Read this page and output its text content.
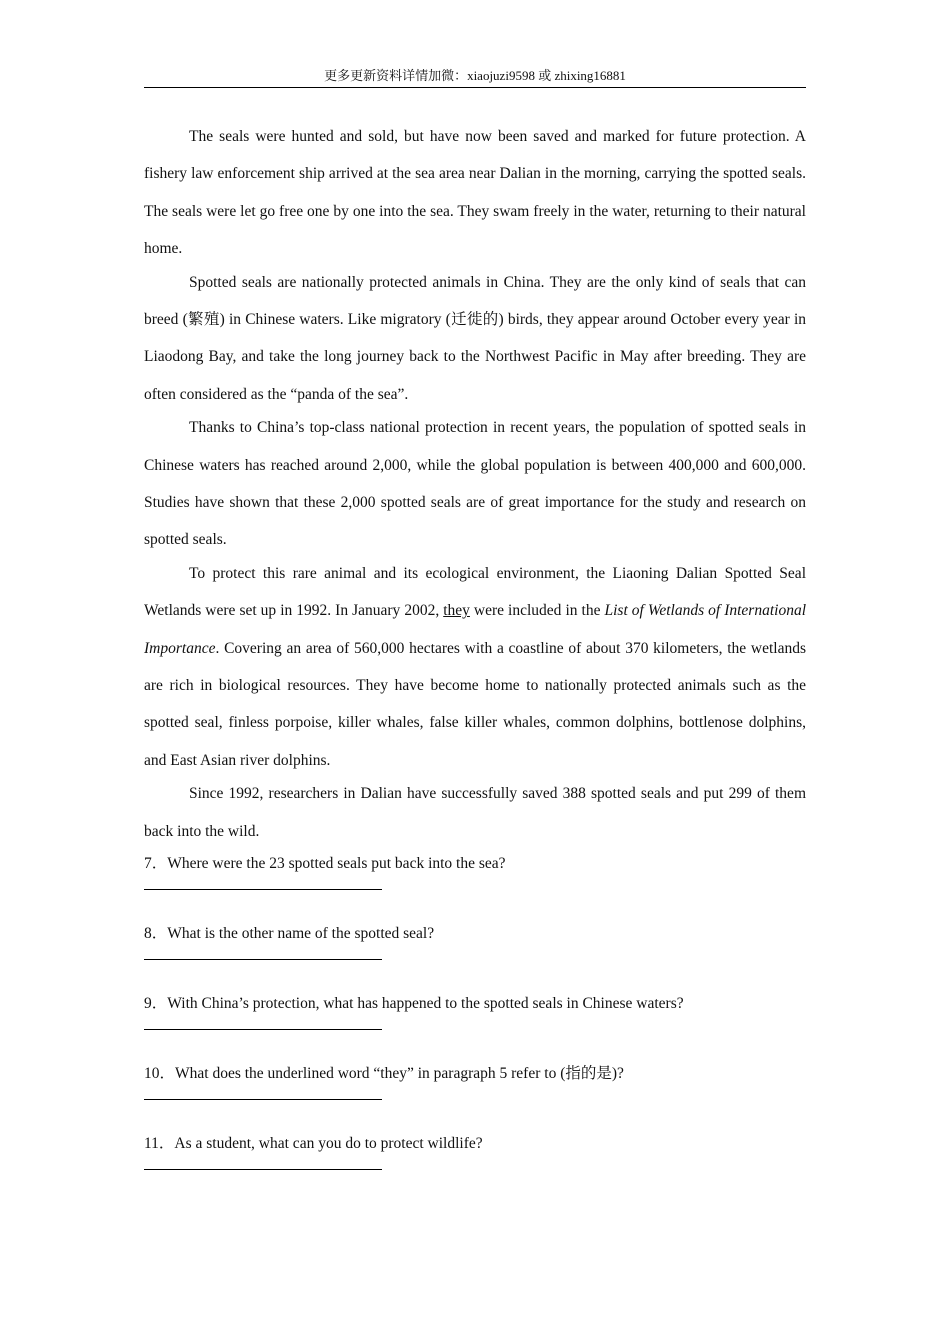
更多更新资料详情加微：xiaojuzi9598 或 zhixing16881

The seals were hunted and sold, but have now been saved and marked for future protection. A fishery law enforcement ship arrived at the sea area near Dalian in the morning, carrying the spotted seals. The seals were let go free one by one into the sea. They swam freely in the water, returning to their natural home.

Spotted seals are nationally protected animals in China. They are the only kind of seals that can breed (繁殖) in Chinese waters. Like migratory (迁徙的) birds, they appear around October every year in Liaodong Bay, and take the long journey back to the Northwest Pacific in May after breeding. They are often considered as the “panda of the sea”.

Thanks to China’s top-class national protection in recent years, the population of spotted seals in Chinese waters has reached around 2,000, while the global population is between 400,000 and 600,000. Studies have shown that these 2,000 spotted seals are of great importance for the study and research on spotted seals.

To protect this rare animal and its ecological environment, the Liaoning Dalian Spotted Seal Wetlands were set up in 1992. In January 2002, they were included in the List of Wetlands of International Importance. Covering an area of 560,000 hectares with a coastline of about 370 kilometers, the wetlands are rich in biological resources. They have become home to nationally protected animals such as the spotted seal, finless porpoise, killer whales, false killer whales, common dolphins, bottlenose dolphins, and East Asian river dolphins.

Since 1992, researchers in Dalian have successfully saved 388 spotted seals and put 299 of them back into the wild.

7．Where were the 23 spotted seals put back into the sea?

8．What is the other name of the spotted seal?

9．With China’s protection, what has happened to the spotted seals in Chinese waters?

10．What does the underlined word “they” in paragraph 5 refer to (指的是)?

11．As a student, what can you do to protect wildlife?
